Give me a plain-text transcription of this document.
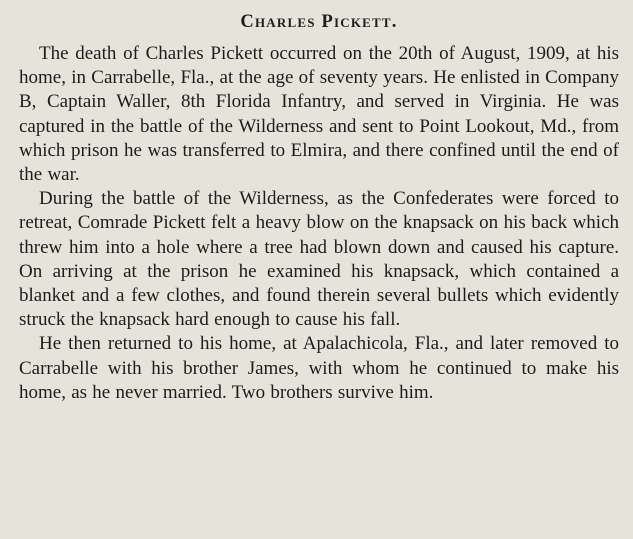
Charles Pickett.

The death of Charles Pickett occurred on the 20th of August, 1909, at his home, in Carrabelle, Fla., at the age of seventy years. He enlisted in Company B, Captain Waller, 8th Florida Infantry, and served in Virginia. He was captured in the battle of the Wilderness and sent to Point Lookout, Md., from which prison he was transferred to Elmira, and there confined until the end of the war.

During the battle of the Wilderness, as the Confederates were forced to retreat, Comrade Pickett felt a heavy blow on the knapsack on his back which threw him into a hole where a tree had blown down and caused his capture. On arriving at the prison he examined his knapsack, which contained a blanket and a few clothes, and found therein several bullets which evidently struck the knapsack hard enough to cause his fall.

He then returned to his home, at Apalachicola, Fla., and later removed to Carrabelle with his brother James, with whom he continued to make his home, as he never married. Two brothers survive him.
